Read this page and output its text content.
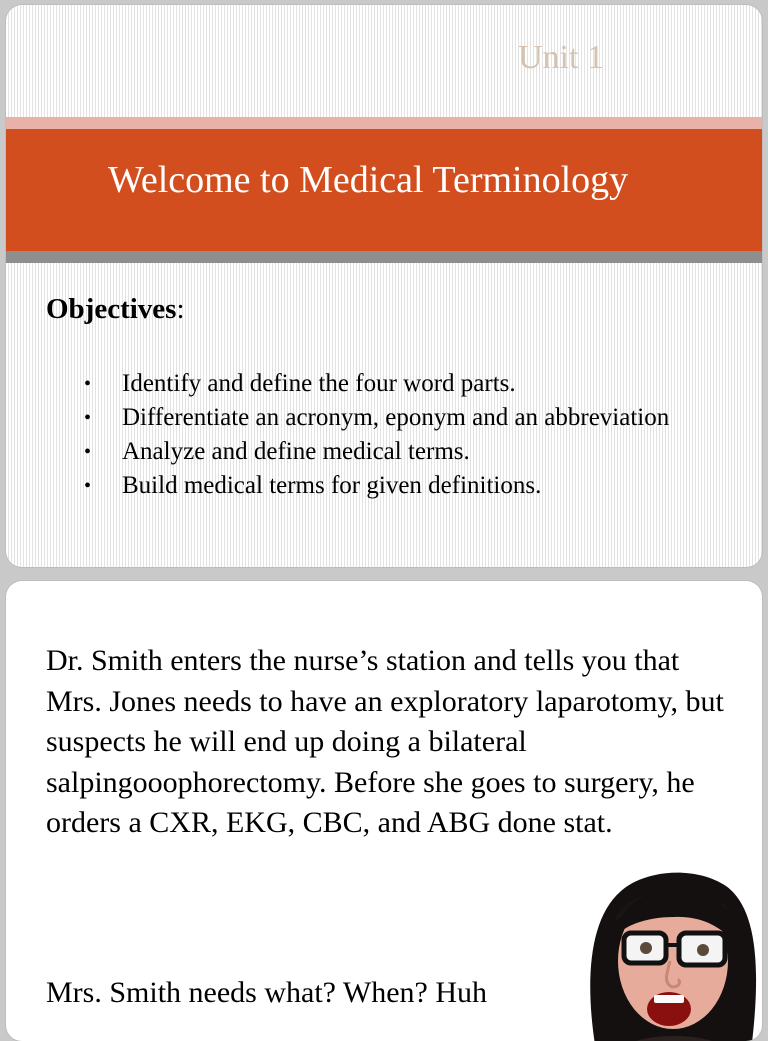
Unit 1
Welcome to Medical Terminology
Objectives:
• Identify and define the four word parts.
• Differentiate an acronym, eponym and an abbreviation
• Analyze and define medical terms.
• Build medical terms for given definitions.

Dr. Smith enters the nurse’s station and tells you that Mrs. Jones needs to have an exploratory laparotomy, but suspects he will end up doing a bilateral salpingooophorectomy. Before she goes to surgery, he orders a CXR, EKG, CBC, and ABG done stat.

Mrs. Smith needs what? When? Huh
